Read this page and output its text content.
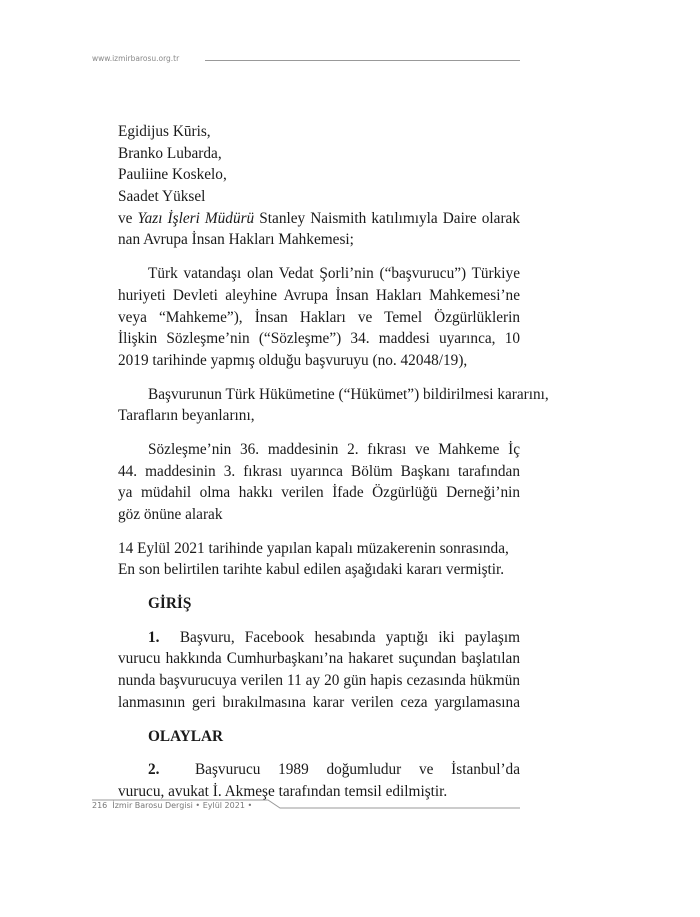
www.izmirbarosu.org.tr
Egidijus Kūris,
Branko Lubarda,
Pauliine Koskelo,
Saadet Yüksel
ve Yazı İşleri Müdürü Stanley Naismith katılımıyla Daire olarak
nan Avrupa İnsan Hakları Mahkemesi;
Türk vatandaşı olan Vedat Şorli’nin (“başvurucu”) Türkiye
huriyeti Devleti aleyhine Avrupa İnsan Hakları Mahkemesi’ne
veya “Mahkeme”), İnsan Hakları ve Temel Özgürlüklerin
İlişkin Sözleşme’nin (“Sözleşme”) 34. maddesi uyarınca, 10
2019 tarihinde yapmış olduğu başvuruyu (no. 42048/19),
Başvurunun Türk Hükümetine (“Hükümet”) bildirilmesi kararını,
Tarafların beyanlarını,
Sözleşme’nin 36. maddesinin 2. fıkrası ve Mahkeme İç
44. maddesinin 3. fıkrası uyarınca Bölüm Başkanı tarafından
ya müdahil olma hakkı verilen İfade Özgürlüğü Derneği’nin
göz önüne alarak
14 Eylül 2021 tarihinde yapılan kapalı müzakerenin sonrasında,
En son belirtilen tarihte kabul edilen aşağıdaki kararı vermiştir.
GİRİŞ
1. Başvuru, Facebook hesabında yaptığı iki paylaşım
vurucu hakkında Cumhurbaşkanı’na hakaret suçundan başlatılan
nunda başvurucuya verilen 11 ay 20 gün hapis cezasında hükmün
lanmasının geri bırakılmasına karar verilen ceza yargılamasına
OLAYLAR
2. Başvurucu 1989 doğumludur ve İstanbul’da
vurucu, avukat İ. Akmeşe tarafından temsil edilmiştir.
216 İzmir Barosu Dergisi • Eylül 2021 •
